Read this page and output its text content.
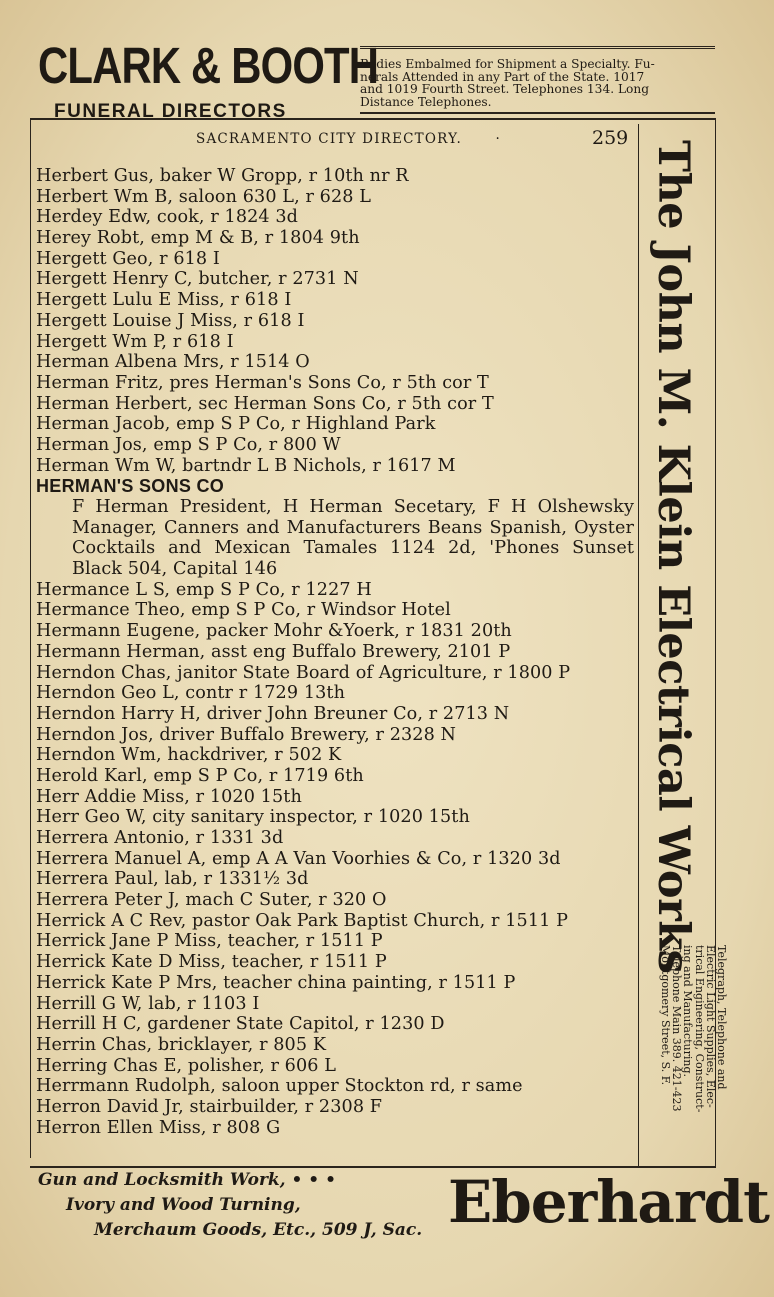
CLARK & BOOTH
FUNERAL DIRECTORS
Bodies Embalmed for Shipment a Specialty. Fu-
nerals Attended in any Part of the State. 1017
and 1019 Fourth Street. Telephones 134. Long
Distance Telephones.
SACRAMENTO CITY DIRECTORY. ·	259
Herbert Gus, baker W Gropp, r 10th nr R
Herbert Wm B, saloon 630 L, r 628 L
Herdey Edw, cook, r 1824 3d
Herey Robt, emp M & B, r 1804 9th
Hergett Geo, r 618 I
Hergett Henry C, butcher, r 2731 N
Hergett Lulu E Miss, r 618 I
Hergett Louise J Miss, r 618 I
Hergett Wm P, r 618 I
Herman Albena Mrs, r 1514 O
Herman Fritz, pres Herman's Sons Co, r 5th cor T
Herman Herbert, sec Herman Sons Co, r 5th cor T
Herman Jacob, emp S P Co, r Highland Park
Herman Jos, emp S P Co, r 800 W
Herman Wm W, bartndr L B Nichols, r 1617 M
HERMAN'S SONS CO
F Herman President, H Herman Secetary, F H Olshewsky
Manager, Canners and Manufacturers Beans Spanish, Oyster
Cocktails and Mexican Tamales 1124 2d, 'Phones Sunset
Black 504, Capital 146
Hermance L S, emp S P Co, r 1227 H
Hermance Theo, emp S P Co, r Windsor Hotel
Hermann Eugene, packer Mohr &Yoerk, r 1831 20th
Hermann Herman, asst eng Buffalo Brewery, 2101 P
Herndon Chas, janitor State Board of Agriculture, r 1800 P
Herndon Geo L, contr r 1729 13th
Herndon Harry H, driver John Breuner Co, r 2713 N
Herndon Jos, driver Buffalo Brewery, r 2328 N
Herndon Wm, hackdriver, r 502 K
Herold Karl, emp S P Co, r 1719 6th
Herr Addie Miss, r 1020 15th
Herr Geo W, city sanitary inspector, r 1020 15th
Herrera Antonio, r 1331 3d
Herrera Manuel A, emp A A Van Voorhies & Co, r 1320 3d
Herrera Paul, lab, r 1331½ 3d
Herrera Peter J, mach C Suter, r 320 O
Herrick A C Rev, pastor Oak Park Baptist Church, r 1511 P
Herrick Jane P Miss, teacher, r 1511 P
Herrick Kate D Miss, teacher, r 1511 P
Herrick Kate P Mrs, teacher china painting, r 1511 P
Herrill G W, lab, r 1103 I
Herrill H C, gardener State Capitol, r 1230 D
Herrin Chas, bricklayer, r 805 K
Herring Chas E, polisher, r 606 L
Herrmann Rudolph, saloon upper Stockton rd, r same
Herron David Jr, stairbuilder, r 2308 F
Herron Ellen Miss, r 808 G
The John M. Klein Electrical Works
Telegraph, Telephone and
Electric Light Supplies, Elec-
trical Engineering, Construct-
ing and Manufacturing.
Telephone Main 389. 421-423
Montgomery Street, S. F.
Gun and Locksmith Work, • • •
Ivory and Wood Turning,
Merchaum Goods, Etc., 509 J, Sac. Eberhardt
